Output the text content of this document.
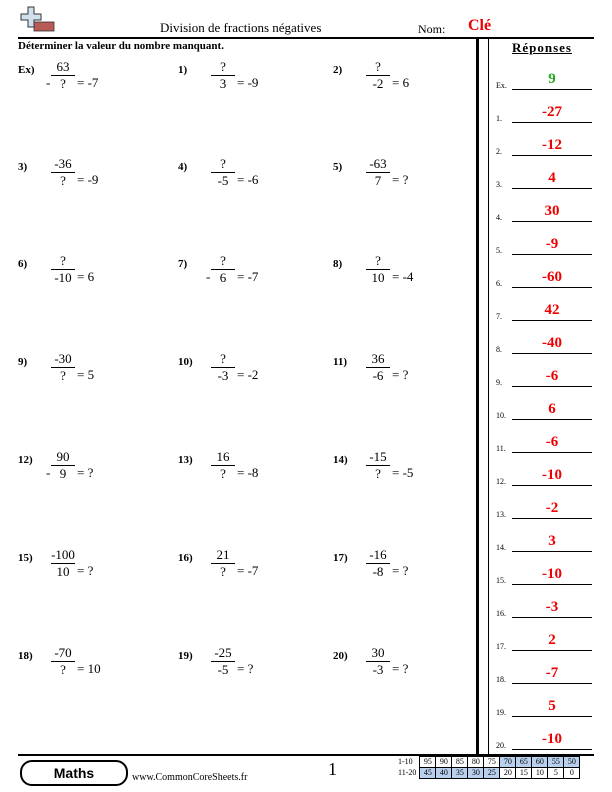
Division de fractions négatives	Nom: Clé
Déterminer la valeur du nombre manquant.	Réponses
Ex)
-
63
? = -7
1)	?
3 = -9
2)	?
-2 = 6
3) -36
? = -9
4)	?
-5 = -6
5) -63
7 = ?
6)	?
-10 = 6
7)
-
?
6 = -7
8)	?
10 = -4
9) -30
? = 5
10)	?
-3 = -2
11)	36
-6 = ?
12)
-
90
9 = ?
13)	16
? = -8
14) -15
? = -5
15) -100
10 = ?
16)	21
? = -7
17) -16
-8 = ?
18) -70
? = 10
19) -25
-5 = ?
20)	30
-3 = ?
Ex.	9
1.	-27
2.	-12
3.	4
4.	30
5.	-9
6.	-60
7.	42
8.	-40
9.	-6
10.	6
11.	-6
12.	-10
13.	-2
14.	3
15.	-10
16.	-3
17.	2
18.	-7
19.	5
20.	-10
Maths	www.CommonCoreSheets.fr	1	1-10	95	90	85	80	75	70	65	60	55	50
11-20	45	40	35	30	25	20	15	10	5	0
